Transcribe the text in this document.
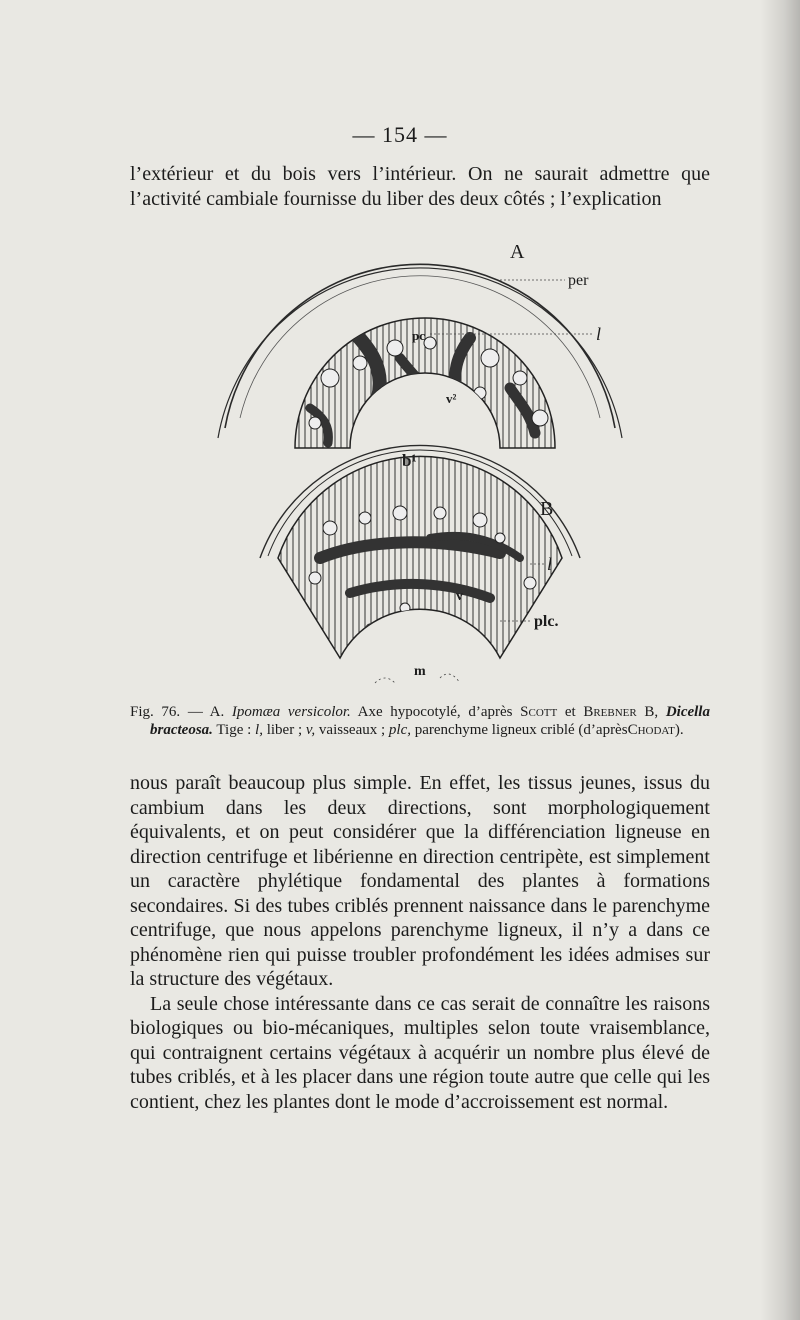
— 154 —

l’extérieur et du bois vers l’intérieur. On ne saurait admettre que l’activité cambiale fournisse du liber des deux côtés ; l’explication

A
per
l
pc
v²
B
l
v
plc.
m

Fig. 76. — A. Ipomæa versicolor. Axe hypocotylé, d’après Scott et Brebner B, Dicella bracteosa. Tige : l, liber ; v, vaisseaux ; plc, parenchyme ligneux criblé (d’aprèsChodat).

nous paraît beaucoup plus simple. En effet, les tissus jeunes, issus du cambium dans les deux directions, sont morphologiquement équivalents, et on peut considérer que la différenciation ligneuse en direction centrifuge et libérienne en direction centripète, est simplement un caractère phylétique fondamental des plantes à formations secondaires. Si des tubes criblés prennent naissance dans le parenchyme centrifuge, que nous appelons parenchyme ligneux, il n’y a dans ce phénomène rien qui puisse troubler profondément les idées admises sur la structure des végétaux.

La seule chose intéressante dans ce cas serait de connaître les raisons biologiques ou bio-mécaniques, multiples selon toute vraisemblance, qui contraignent certains végétaux à acquérir un nombre plus élevé de tubes criblés, et à les placer dans une région toute autre que celle qui les contient, chez les plantes dont le mode d’accroissement est normal.
